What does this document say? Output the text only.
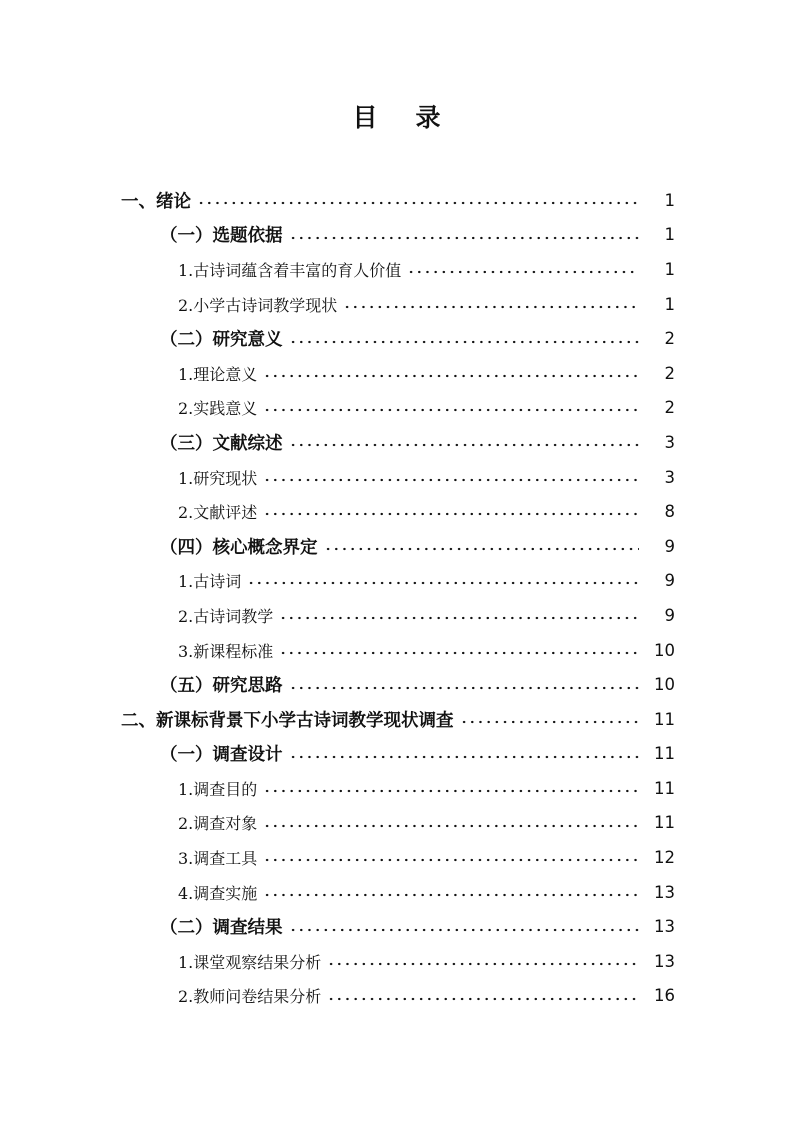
目 录
一、绪论	1
（一）选题依据	1
1.古诗词蕴含着丰富的育人价值	1
2.小学古诗词教学现状	1
（二）研究意义	2
1.理论意义	2
2.实践意义	2
（三）文献综述	3
1.研究现状	3
2.文献评述	8
（四）核心概念界定	9
1.古诗词	9
2.古诗词教学	9
3.新课程标准	10
（五）研究思路	10
二、新课标背景下小学古诗词教学现状调查	11
（一）调查设计	11
1.调查目的	11
2.调查对象	11
3.调查工具	12
4.调查实施	13
（二）调查结果	13
1.课堂观察结果分析	13
2.教师问卷结果分析	16
